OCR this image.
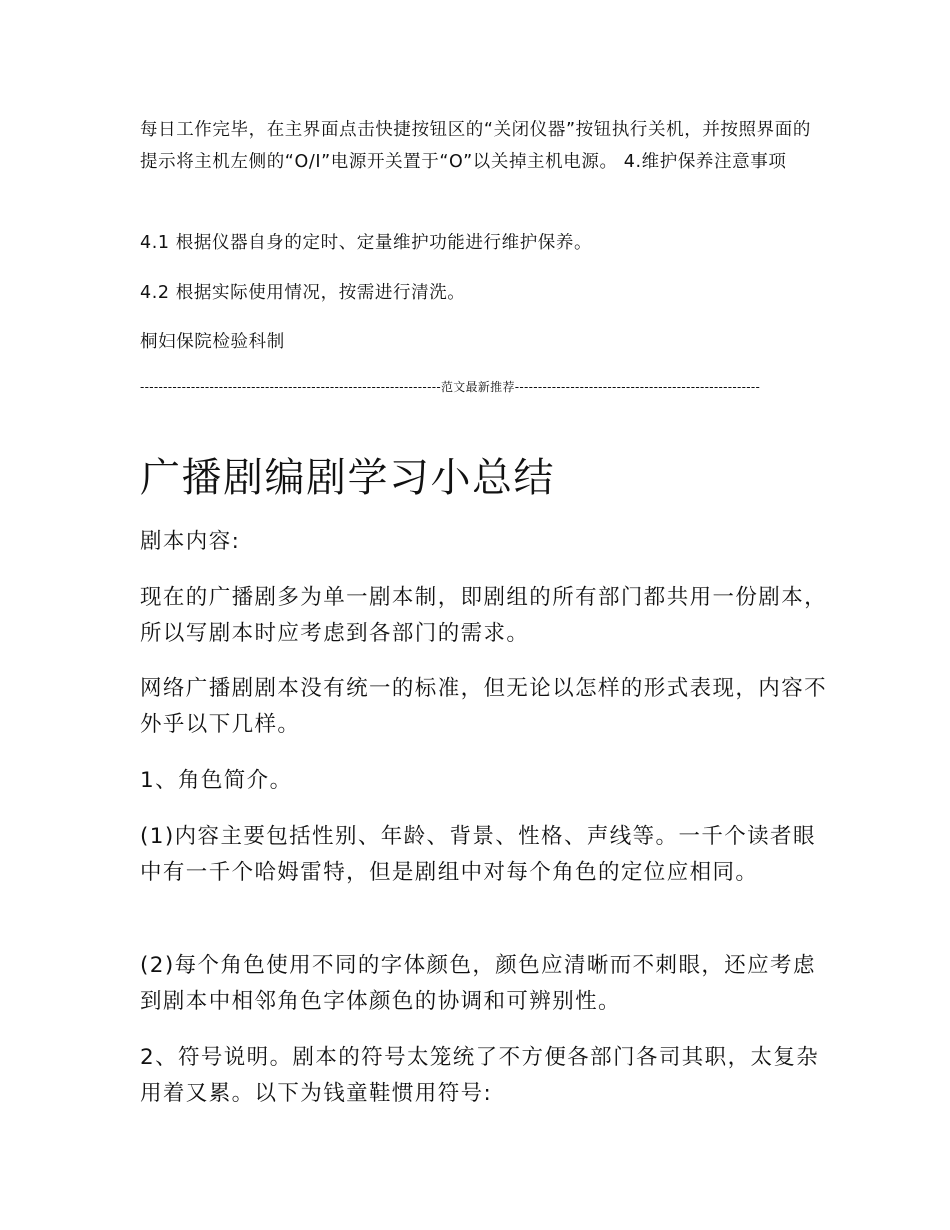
每日工作完毕，在主界面点击快捷按钮区的“关闭仪器”按钮执行关机，并按照界面的提示将主机左侧的“O/I”电源开关置于“O”以关掉主机电源。 4.维护保养注意事项
4.1 根据仪器自身的定时、定量维护功能进行维护保养。
4.2 根据实际使用情况，按需进行清洗。
桐妇保院检验科制
-----------------------------------------------------------------范文最新推荐-----------------------------------------------------
广播剧编剧学习小总结
剧本内容:
现在的广播剧多为单一剧本制，即剧组的所有部门都共用一份剧本，所以写剧本时应考虑到各部门的需求。
网络广播剧剧本没有统一的标准，但无论以怎样的形式表现，内容不外乎以下几样。
1、角色简介。
(1)内容主要包括性别、年龄、背景、性格、声线等。一千个读者眼中有一千个哈姆雷特，但是剧组中对每个角色的定位应相同。
(2)每个角色使用不同的字体颜色，颜色应清晰而不刺眼，还应考虑到剧本中相邻角色字体颜色的协调和可辨别性。
2、符号说明。剧本的符号太笼统了不方便各部门各司其职，太复杂用着又累。以下为钱童鞋惯用符号:
